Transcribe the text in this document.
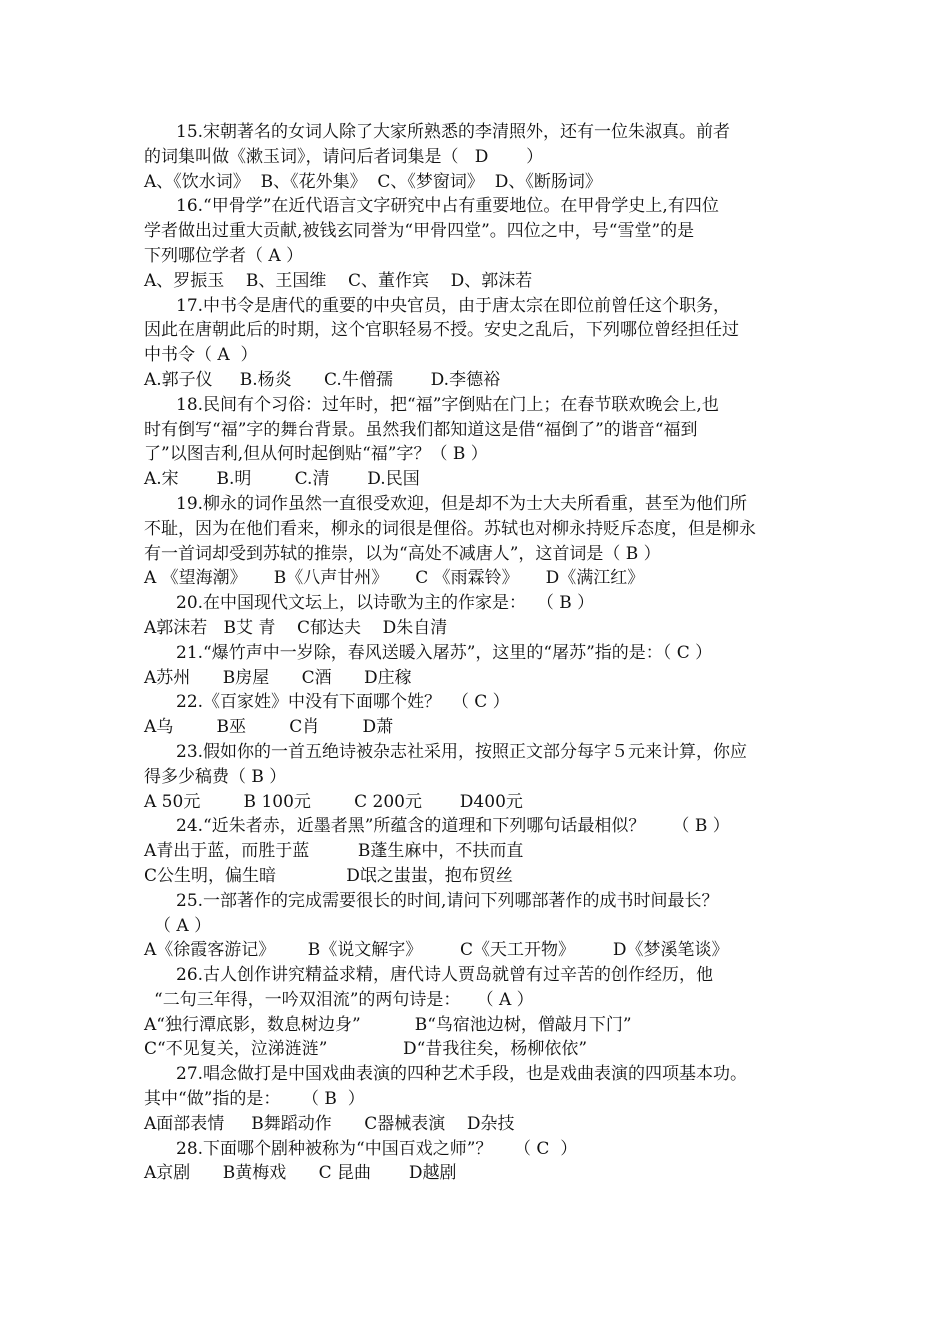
15.宋朝著名的女词人除了大家所熟悉的李清照外，还有一位朱淑真。前者
的词集叫做《漱玉词》，请问后者词集是（   D       ）
A、《饮水词》  B、《花外集》  C、《梦窗词》  D、《断肠词》
16.“甲骨学”在近代语言文字研究中占有重要地位。在甲骨学史上,有四位
学者做出过重大贡献,被钱玄同誉为“甲骨四堂”。四位之中，号“雪堂”的是
下列哪位学者（ A ）
A、罗振玉    B、王国维    C、董作宾    D、郭沫若
17.中书令是唐代的重要的中央官员，由于唐太宗在即位前曾任这个职务，
因此在唐朝此后的时期，这个官职轻易不授。安史之乱后，下列哪位曾经担任过
中书令（ A  ）
A.郭子仪     B.杨炎      C.牛僧孺       D.李德裕
18.民间有个习俗：过年时，把“福”字倒贴在门上；在春节联欢晚会上,也
时有倒写“福”字的舞台背景。虽然我们都知道这是借“福倒了”的谐音“福到
了”以图吉利,但从何时起倒贴“福”字？（ B ）
A.宋       B.明        C.清       D.民国
19.柳永的词作虽然一直很受欢迎，但是却不为士大夫所看重，甚至为他们所
不耻，因为在他们看来，柳永的词很是俚俗。苏轼也对柳永持贬斥态度，但是柳永
有一首词却受到苏轼的推崇，以为“高处不减唐人”，这首词是（ B ）
A 《望海潮》     B《八声甘州》     C 《雨霖铃》     D《满江红》
20.在中国现代文坛上，以诗歌为主的作家是：  （ B ）
A郭沫若   B艾 青    C郁达夫    D朱自清
21.“爆竹声中一岁除，春风送暖入屠苏”，这里的“屠苏”指的是：（ C ）
A苏州      B房屋      C酒      D庄稼
22.《百家姓》中没有下面哪个姓？  （ C ）
A乌        B巫        C肖        D萧
23.假如你的一首五绝诗被杂志社采用，按照正文部分每字５元来计算，你应
得多少稿费（ B ）
A 50元        B 100元        C 200元       D400元
24.“近朱者赤，近墨者黑”所蕴含的道理和下列哪句话最相似？     （ B ）
A青出于蓝，而胜于蓝         B蓬生麻中，不扶而直
C公生明，偏生暗             D氓之蚩蚩，抱布贸丝
25.一部著作的完成需要很长的时间,请问下列哪部著作的成书时间最长？
（ A ）
A《徐霞客游记》      B《说文解字》       C《天工开物》       D《梦溪笔谈》
26.古人创作讲究精益求精，唐代诗人贾岛就曾有过辛苦的创作经历，他
“二句三年得，一吟双泪流”的两句诗是：   （ A ）
A“独行潭底影，数息树边身”          B“鸟宿池边树，僧敲月下门”
C“不见复关，泣涕涟涟”              D“昔我往矣，杨柳依依”
27.唱念做打是中国戏曲表演的四种艺术手段，也是戏曲表演的四项基本功。
其中“做”指的是：    （ B  ）
A面部表情     B舞蹈动作      C器械表演    D杂技
28.下面哪个剧种被称为“中国百戏之师”？    （ C  ）
A京剧      B黄梅戏      C 昆曲       D越剧
